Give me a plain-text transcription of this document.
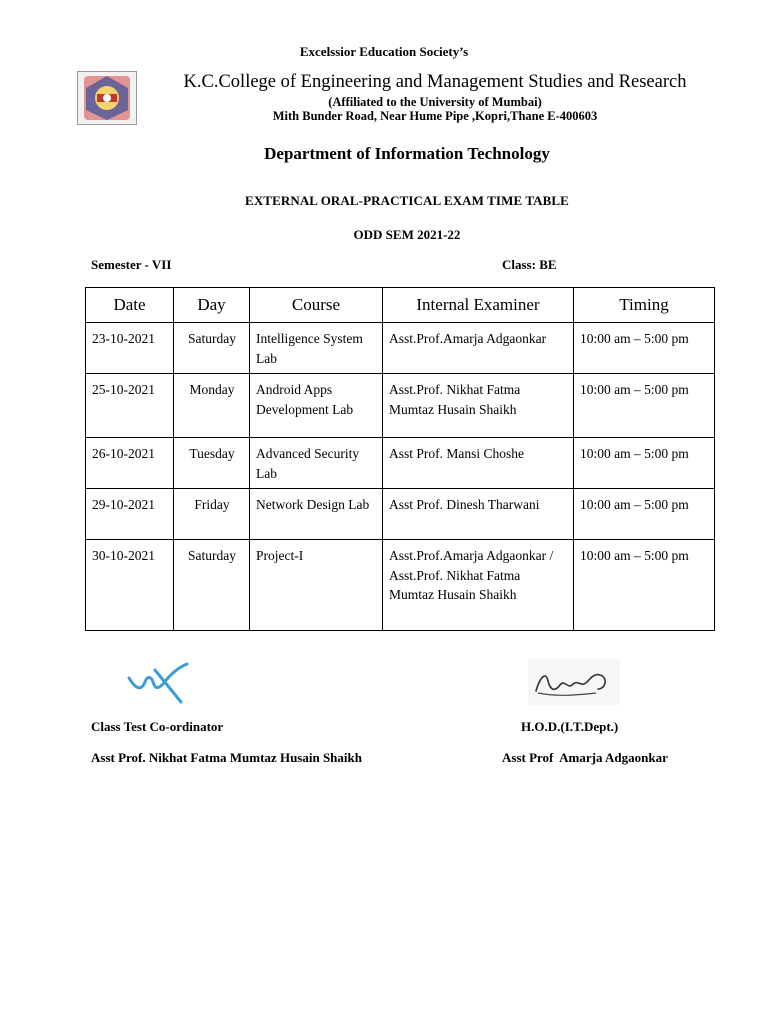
Excelssior Education Society’s
K.C.College of Engineering and Management Studies and Research
(Affiliated to the University of Mumbai)
Mith Bunder Road, Near Hume Pipe ,Kopri,Thane E-400603
Department of Information Technology
EXTERNAL ORAL-PRACTICAL EXAM TIME TABLE
ODD SEM 2021-22
Semester - VII	Class: BE
Date	Day	Course	Internal Examiner	Timing
23-10-2021	Saturday	Intelligence System Lab	Asst.Prof.Amarja Adgaonkar	10:00 am – 5:00 pm
25-10-2021	Monday	Android Apps Development Lab	Asst.Prof. Nikhat Fatma Mumtaz Husain Shaikh	10:00 am – 5:00 pm
26-10-2021	Tuesday	Advanced Security Lab	Asst Prof. Mansi Choshe	10:00 am – 5:00 pm
29-10-2021	Friday	Network Design Lab	Asst Prof. Dinesh Tharwani	10:00 am – 5:00 pm
30-10-2021	Saturday	Project-I	Asst.Prof.Amarja Adgaonkar / Asst.Prof. Nikhat Fatma Mumtaz Husain Shaikh	10:00 am – 5:00 pm
Class Test Co-ordinator	H.O.D.(I.T.Dept.)
Asst Prof. Nikhat Fatma Mumtaz Husain Shaikh	Asst Prof  Amarja Adgaonkar
